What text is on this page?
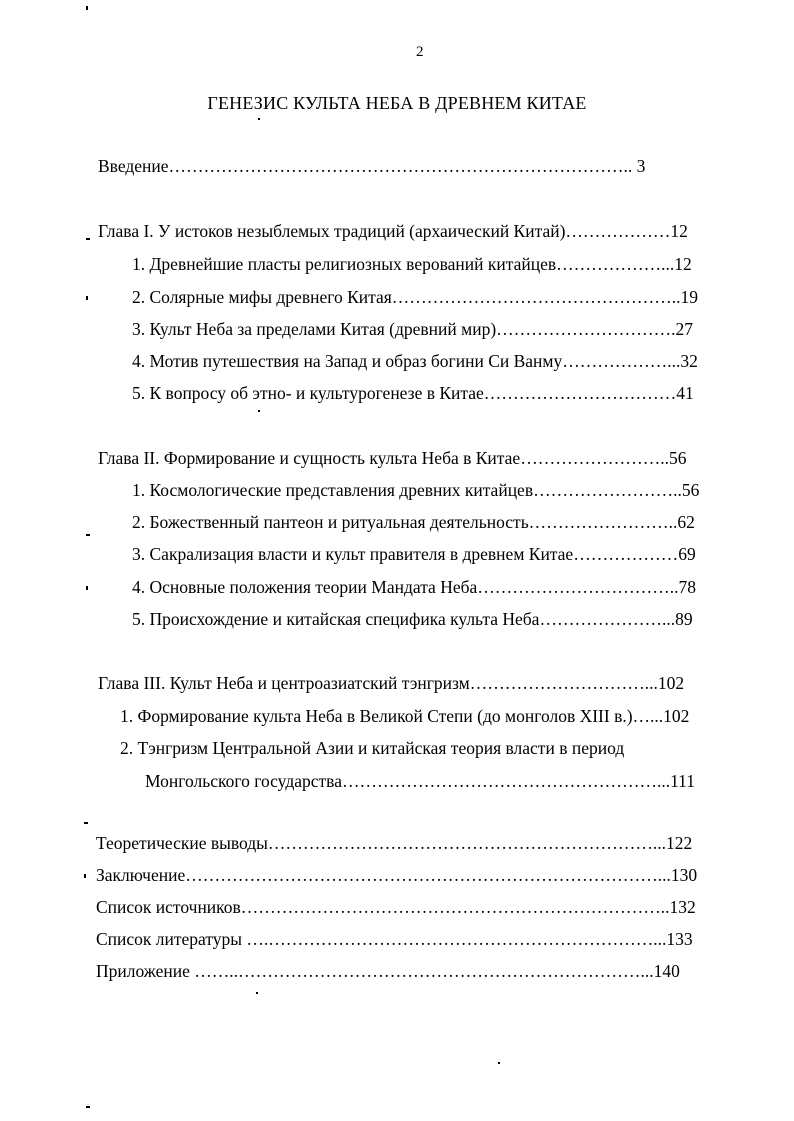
2
ГЕНЕЗИС КУЛЬТА НЕБА В ДРЕВНЕМ КИТАЕ
Введение…………………………………………………………………….. 3
Глава I. У истоков незыблемых традиций (архаический Китай)………………12
1. Древнейшие пласты религиозных верований китайцев………………...12
2. Солярные мифы древнего Китая…………………………………………..19
3. Культ Неба за пределами Китая (древний мир)………………………….27
4. Мотив путешествия на Запад и образ богини Си Ванму………………...32
5. К вопросу об этно- и культурогенезе в Китае……………………………41
Глава II. Формирование и сущность культа Неба в Китае……………………..56
1. Космологические представления древних китайцев……………………..56
2. Божественный пантеон и ритуальная деятельность……………………..62
3. Сакрализация власти и культ правителя в древнем Китае………………69
4. Основные положения теории Мандата Неба……………………………..78
5. Происхождение и китайская специфика культа Неба…………………...89
Глава III. Культ Неба и центроазиатский тэнгризм…………………………...102
1. Формирование культа Неба в Великой Степи (до монголов XIII в.)…...102
2. Тэнгризм Центральной Азии и китайская теория власти в период
Монгольского государства………………………………………………...111
Теоретические выводы…………………………………………………………...122
Заключение………………………………………………………………………...130
Список источников………………………………………………………………..132
Список литературы ….…………………………………………………………...133
Приложение ……..……………………………………………………………...140
